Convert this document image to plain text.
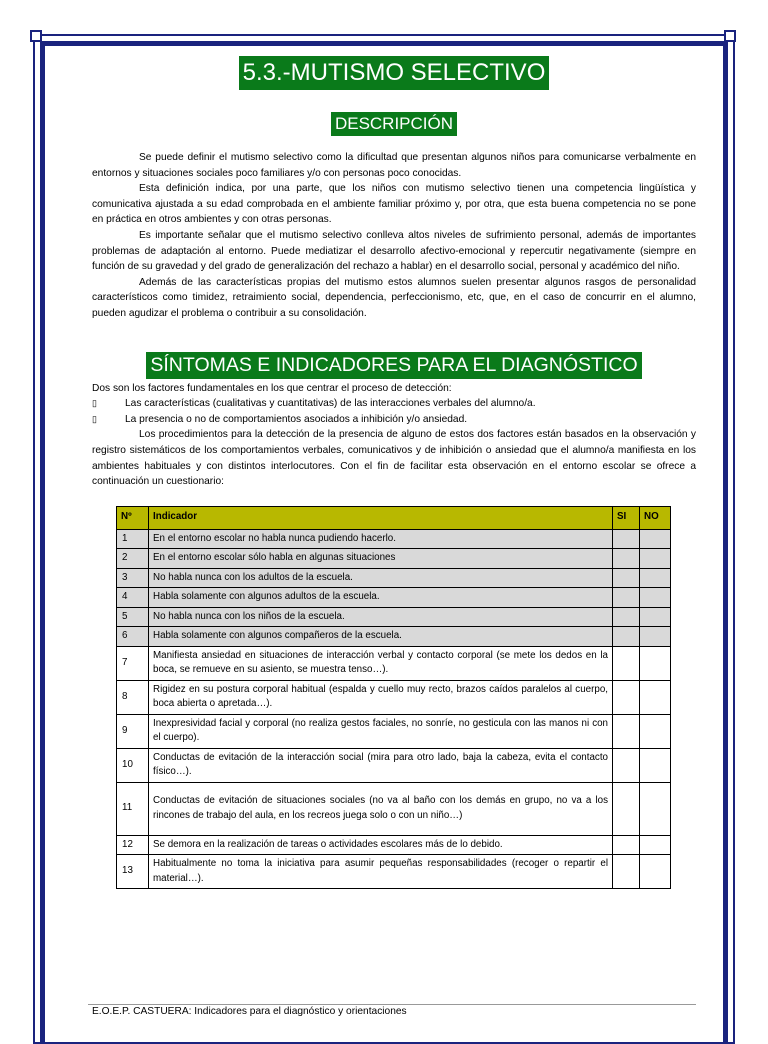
5.3.-MUTISMO SELECTIVO
DESCRIPCIÓN

Se puede definir el mutismo selectivo como la dificultad que presentan algunos niños para comunicarse verbalmente en entornos y situaciones sociales poco familiares y/o con personas poco conocidas.

Esta definición indica, por una parte, que los niños con mutismo selectivo tienen una competencia lingüística y comunicativa ajustada a su edad comprobada en el ambiente familiar próximo y, por otra, que esta buena competencia no se pone en práctica en otros ambientes y con otras personas.

Es importante señalar que el mutismo selectivo conlleva altos niveles de sufrimiento personal, además de importantes problemas de adaptación al entorno. Puede mediatizar el desarrollo afectivo-emocional y repercutir negativamente (siempre en función de su gravedad y del grado de generalización del rechazo a hablar) en el desarrollo social, personal y académico del niño.

Además de las características propias del mutismo estos alumnos suelen presentar algunos rasgos de personalidad característicos como timidez, retraimiento social, dependencia, perfeccionismo, etc, que, en el caso de concurrir en el alumno, pueden agudizar el problema o contribuir a su consolidación.

SÍNTOMAS E INDICADORES PARA EL DIAGNÓSTICO

Dos son los factores fundamentales en los que centrar el proceso de detección:

▯	Las características (cualitativas y cuantitativas) de las interacciones verbales del alumno/a.
▯	La presencia o no de comportamientos asociados a inhibición y/o ansiedad.

Los procedimientos para la detección de la presencia de alguno de estos dos factores están basados en la observación y registro sistemáticos de los comportamientos verbales, comunicativos y de inhibición o ansiedad que el alumno/a manifiesta en los ambientes habituales y con distintos interlocutores. Con el fin de facilitar esta observación en el entorno escolar se ofrece a continuación un cuestionario:

Nº	Indicador	SI	NO
1	En el entorno escolar no habla nunca pudiendo hacerlo.		
2	En el entorno escolar sólo habla en algunas situaciones		
3	No habla nunca con los adultos de la escuela.		
4	Habla solamente con algunos adultos de la escuela.		
5	No habla nunca con los niños de la escuela.		
6	Habla solamente con algunos compañeros de la escuela.		
7	Manifiesta ansiedad en situaciones de interacción verbal y contacto corporal (se mete los dedos en la boca, se remueve en su asiento, se muestra tenso…).		
8	Rigidez en su postura corporal habitual (espalda y cuello muy recto, brazos caídos paralelos al cuerpo, boca abierta o apretada…).		
9	Inexpresividad facial y corporal (no realiza gestos faciales, no sonríe, no gesticula con las manos ni con el cuerpo).		
10	Conductas de evitación de la interacción social (mira para otro lado, baja la cabeza, evita el contacto físico…).		
11	Conductas de evitación de situaciones sociales (no va al baño con los demás en grupo, no va a los rincones de trabajo del aula, en los recreos juega solo o con un niño…)		
12	Se demora en la realización de tareas o actividades escolares más de lo debido.		
13	Habitualmente no toma la iniciativa para asumir pequeñas responsabilidades (recoger o repartir el material…).		
E.O.E.P. CASTUERA: Indicadores para el diagnóstico y orientaciones
